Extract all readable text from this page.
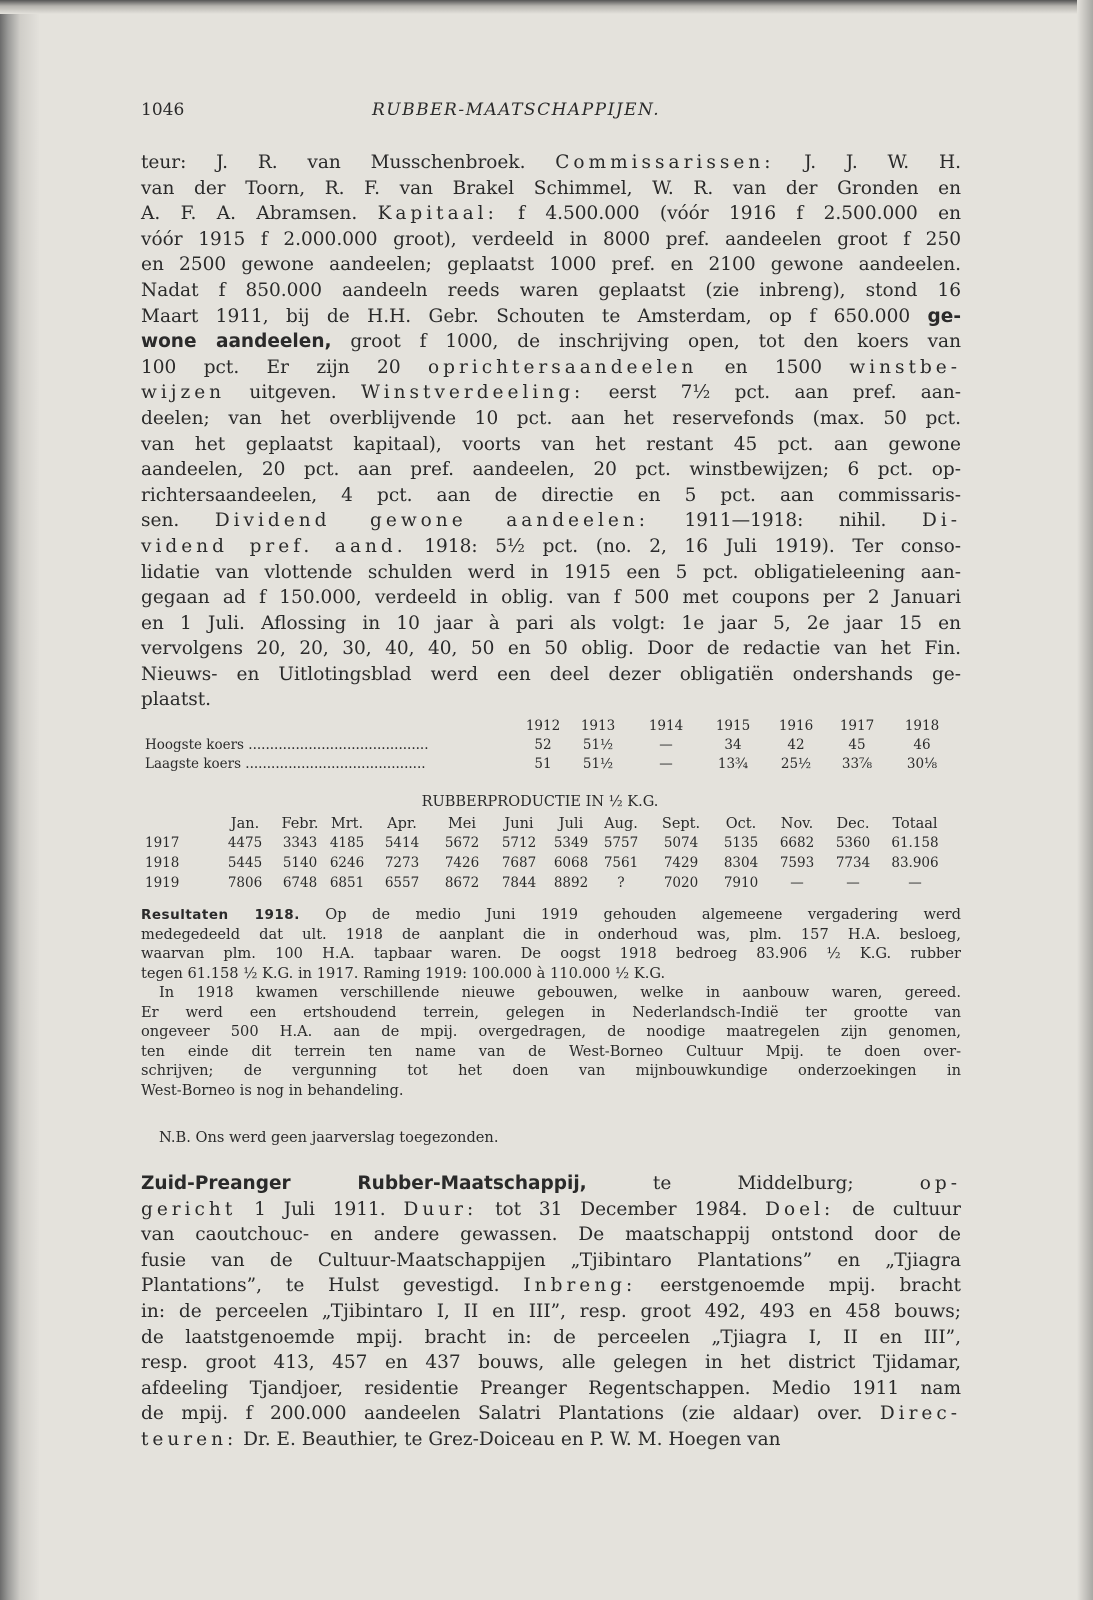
1046	RUBBER-MAATSCHAPPIJEN.
teur: J. R. van Musschenbroek. Commissarissen: J. J. W. H.
van der Toorn, R. F. van Brakel Schimmel, W. R. van der Gronden en
A. F. A. Abramsen. Kapitaal: f 4.500.000 (vóór 1916 f 2.500.000 en
vóór 1915 f 2.000.000 groot), verdeeld in 8000 pref. aandeelen groot f 250
en 2500 gewone aandeelen; geplaatst 1000 pref. en 2100 gewone aandeelen.
Nadat f 850.000 aandeeln reeds waren geplaatst (zie inbreng), stond 16
Maart 1911, bij de H.H. Gebr. Schouten te Amsterdam, op f 650.000 ge-
wone aandeelen, groot f 1000, de inschrijving open, tot den koers van
100 pct. Er zijn 20 oprichtersaandeelen en 1500 winstbe-
wijzen uitgeven. Winstverdeeling: eerst 7½ pct. aan pref. aan-
deelen; van het overblijvende 10 pct. aan het reservefonds (max. 50 pct.
van het geplaatst kapitaal), voorts van het restant 45 pct. aan gewone
aandeelen, 20 pct. aan pref. aandeelen, 20 pct. winstbewijzen; 6 pct. op-
richtersaandeelen, 4 pct. aan de directie en 5 pct. aan commissaris-
sen. Dividend gewone aandeelen: 1911—1918: nihil. Di-
vidend pref. aand. 1918: 5½ pct. (no. 2, 16 Juli 1919). Ter conso-
lidatie van vlottende schulden werd in 1915 een 5 pct. obligatieleening aan-
gegaan ad f 150.000, verdeeld in oblig. van f 500 met coupons per 2 Januari
en 1 Juli. Aflossing in 10 jaar à pari als volgt: 1e jaar 5, 2e jaar 15 en
vervolgens 20, 20, 30, 40, 40, 50 en 50 oblig. Door de redactie van het Fin.
Nieuws- en Uitlotingsblad werd een deel dezer obligatiën ondershands ge-
plaatst.
1912 1913 1914 1915 1916 1917 1918
Hoogste koers ..........................................	52 51½	—	34	42	45	46
Laagste koers ..........................................	51 51½	—	13¾ 25½ 33⅞	30⅛
RUBBERPRODUCTIE IN ½ K.G.
Jan. Febr. Mrt. Apr. Mei Juni Juli Aug. Sept. Oct. Nov. Dec. Totaal
1917	4475 3343 4185 5414 5672 5712 5349 5757 5074 5135 6682 5360 61.158
1918	5445 5140 6246 7273 7426 7687 6068 7561 7429 8304 7593 7734 83.906
1919	7806 6748 6851 6557 8672 7844 8892 ?	7020 7910 —	—	—
Resultaten 1918. Op de medio Juni 1919 gehouden algemeene vergadering werd
medegedeeld dat ult. 1918 de aanplant die in onderhoud was, plm. 157 H.A. besloeg,
waarvan plm. 100 H.A. tapbaar waren. De oogst 1918 bedroeg 83.906 ½ K.G. rubber
tegen 61.158 ½ K.G. in 1917. Raming 1919: 100.000 à 110.000 ½ K.G.
In 1918 kwamen verschillende nieuwe gebouwen, welke in aanbouw waren, gereed.
Er werd een ertshoudend terrein, gelegen in Nederlandsch-Indië ter grootte van
ongeveer 500 H.A. aan de mpij. overgedragen, de noodige maatregelen zijn genomen,
ten einde dit terrein ten name van de West-Borneo Cultuur Mpij. te doen over-
schrijven; de vergunning tot het doen van mijnbouwkundige onderzoekingen in
West-Borneo is nog in behandeling.
N.B. Ons werd geen jaarverslag toegezonden.
Zuid-Preanger Rubber-Maatschappij, te Middelburg; op-
gericht 1 Juli 1911. Duur: tot 31 December 1984. Doel: de cultuur
van caoutchouc- en andere gewassen. De maatschappij ontstond door de
fusie van de Cultuur-Maatschappijen „Tjibintaro Plantations” en „Tjiagra
Plantations”, te Hulst gevestigd. Inbreng: eerstgenoemde mpij. bracht
in: de perceelen „Tjibintaro I, II en III”, resp. groot 492, 493 en 458 bouws;
de laatstgenoemde mpij. bracht in: de perceelen „Tjiagra I, II en III”,
resp. groot 413, 457 en 437 bouws, alle gelegen in het district Tjidamar,
afdeeling Tjandjoer, residentie Preanger Regentschappen. Medio 1911 nam
de mpij. f 200.000 aandeelen Salatri Plantations (zie aldaar) over. Direc-
teuren: Dr. E. Beauthier, te Grez-Doiceau en P. W. M. Hoegen van
